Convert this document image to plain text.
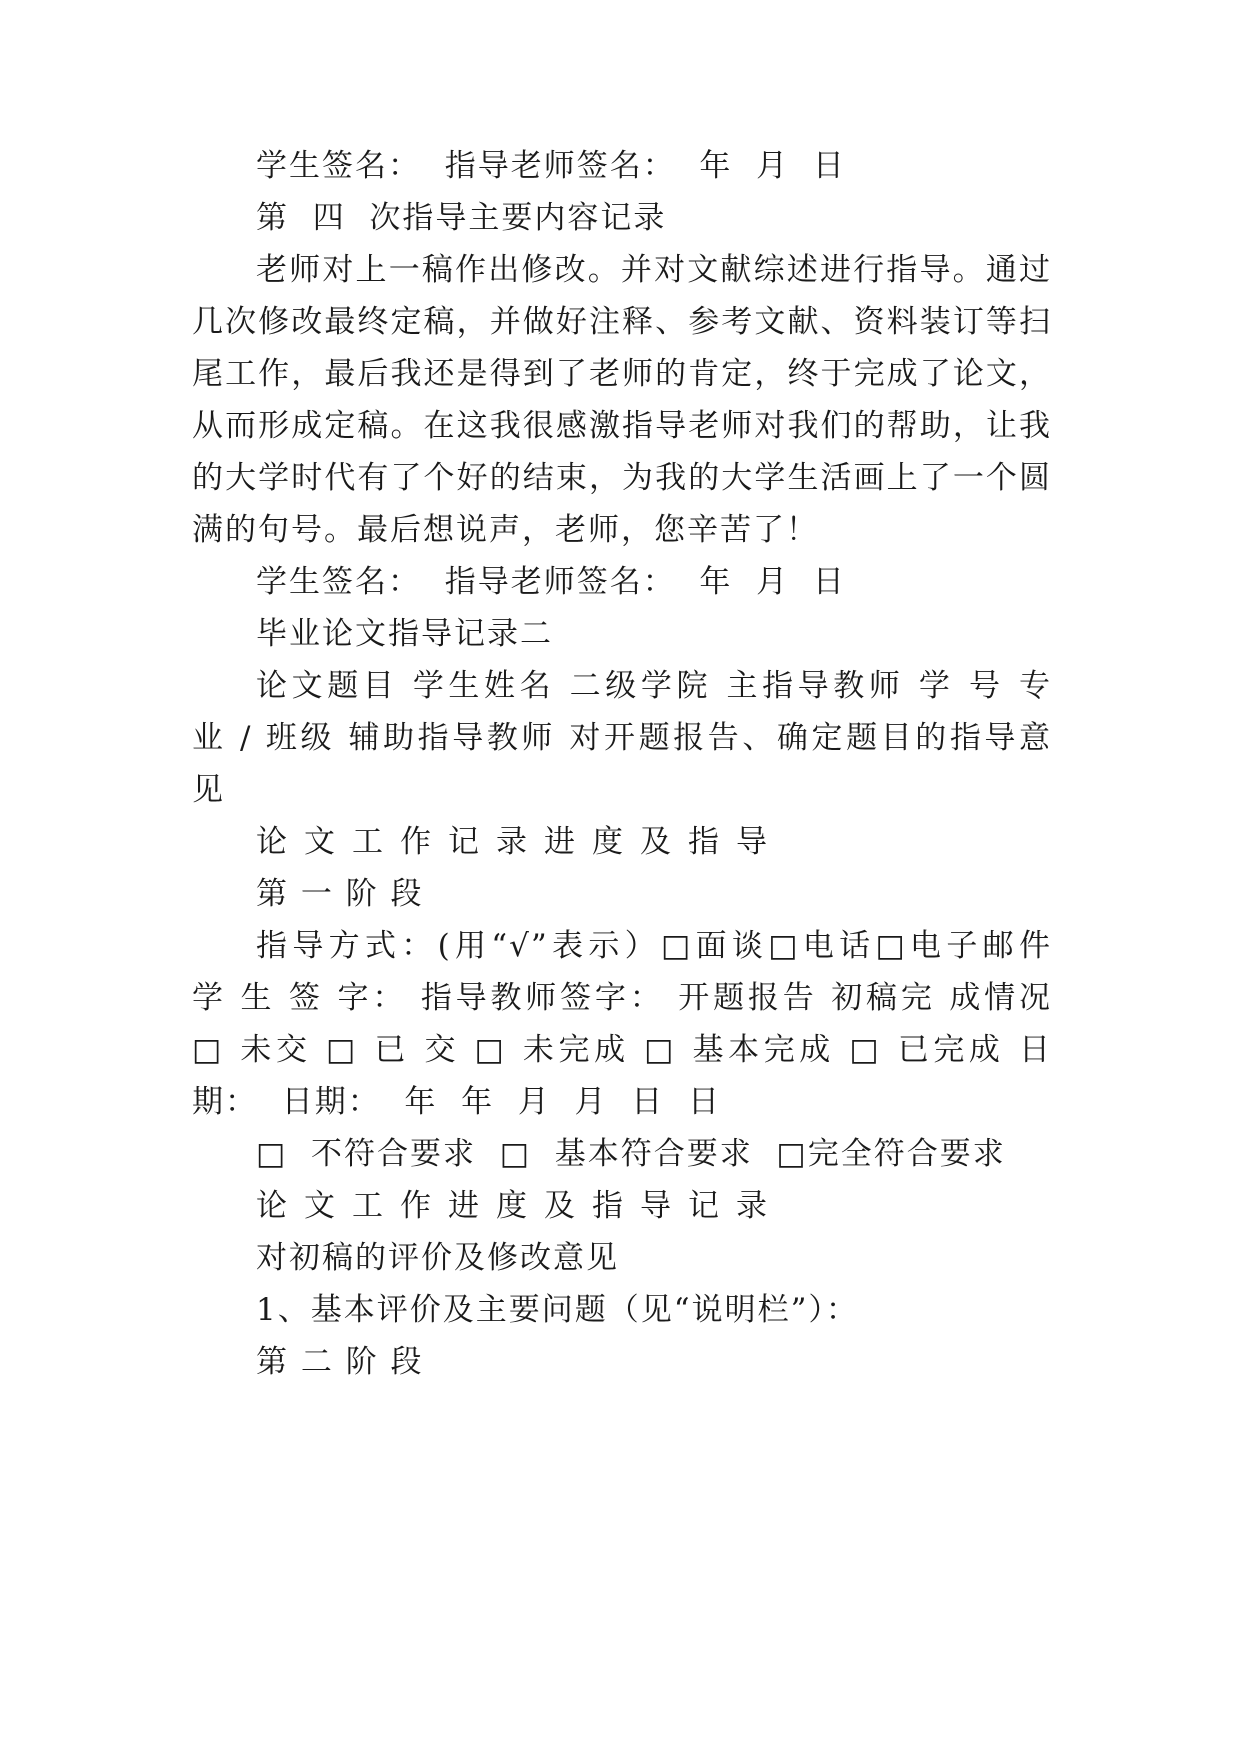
学生签名：  指导老师签名：  年  月  日
第  四  次指导主要内容记录
老师对上一稿作出修改。并对文献综述进行指导。通过
几次修改最终定稿，并做好注释、参考文献、资料装订等扫
尾工作，最后我还是得到了老师的肯定，终于完成了论文，
从而形成定稿。在这我很感激指导老师对我们的帮助，让我
的大学时代有了个好的结束，为我的大学生活画上了一个圆
满的句号。最后想说声，老师，您辛苦了！
学生签名：  指导老师签名：  年  月  日
毕业论文指导记录二
论文题目 学生姓名 二级学院 主指导教师 学 号 专
业 / 班级 辅助指导教师 对开题报告、确定题目的指导意
见
论文工作记录进度及指导
第 一 阶 段
指导方式：(用“√”表示）□面谈□电话□电子邮件
学 生 签 字： 指导教师签字： 开题报告 初稿完 成情况
□ 未交 □ 已 交 □ 未完成 □ 基本完成 □ 已完成 日
期：  日期：  年  年  月  月  日  日
□  不符合要求  □  基本符合要求  □完全符合要求
论文工作进度及指导记录
对初稿的评价及修改意见
1、基本评价及主要问题（见“说明栏”）：
第 二 阶 段
